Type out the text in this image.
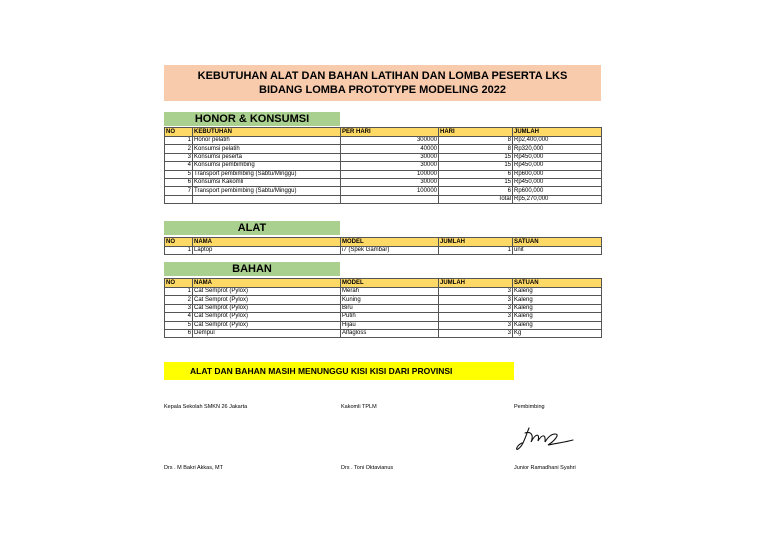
KEBUTUHAN ALAT DAN BAHAN LATIHAN DAN LOMBA PESERTA LKS
BIDANG LOMBA PROTOTYPE MODELING 2022
HONOR & KONSUMSI
NO	KEBUTUHAN	PER HARI	HARI	JUMLAH
1	Honor pelatih	300000	8	Rp2,400,000
2	Konsumsi pelatih	40000	8	Rp320,000
3	Konsumsi peserta	30000	15	Rp450,000
4	Konsumsi pembimbing	30000	15	Rp450,000
5	Transport pembimbing (Sabtu/Minggu)	100000	6	Rp600,000
6	Konsumsi Kakomli	30000	15	Rp450,000
7	Transport pembimbing (Sabtu/Minggu)	100000	6	Rp600,000
			Total	Rp5,270,000
ALAT
NO	NAMA	MODEL	JUMLAH	SATUAN
1	Laptop	i7 (Spek Gambar)	1	unit
BAHAN
NO	NAMA	MODEL	JUMLAH	SATUAN
1	Cat Semprot (Pylox)	Merah	3	Kaleng
2	Cat Semprot (Pylox)	Kuning	3	Kaleng
3	Cat Semprot (Pylox)	Biru	3	Kaleng
4	Cat Semprot (Pylox)	Putih	3	Kaleng
5	Cat Semprot (Pylox)	Hijau	3	Kaleng
6	Dempul	Alfagloss	3	Kg
ALAT DAN BAHAN MASIH MENUNGGU KISI KISI DARI PROVINSI
Kepala Sekolah SMKN 26 Jakarta	Kakomli TPLM	Pembimbing
Drs . M Bakri Akkas, MT	Drs . Toni Oktavianus	Junior Ramadhani Syahri
